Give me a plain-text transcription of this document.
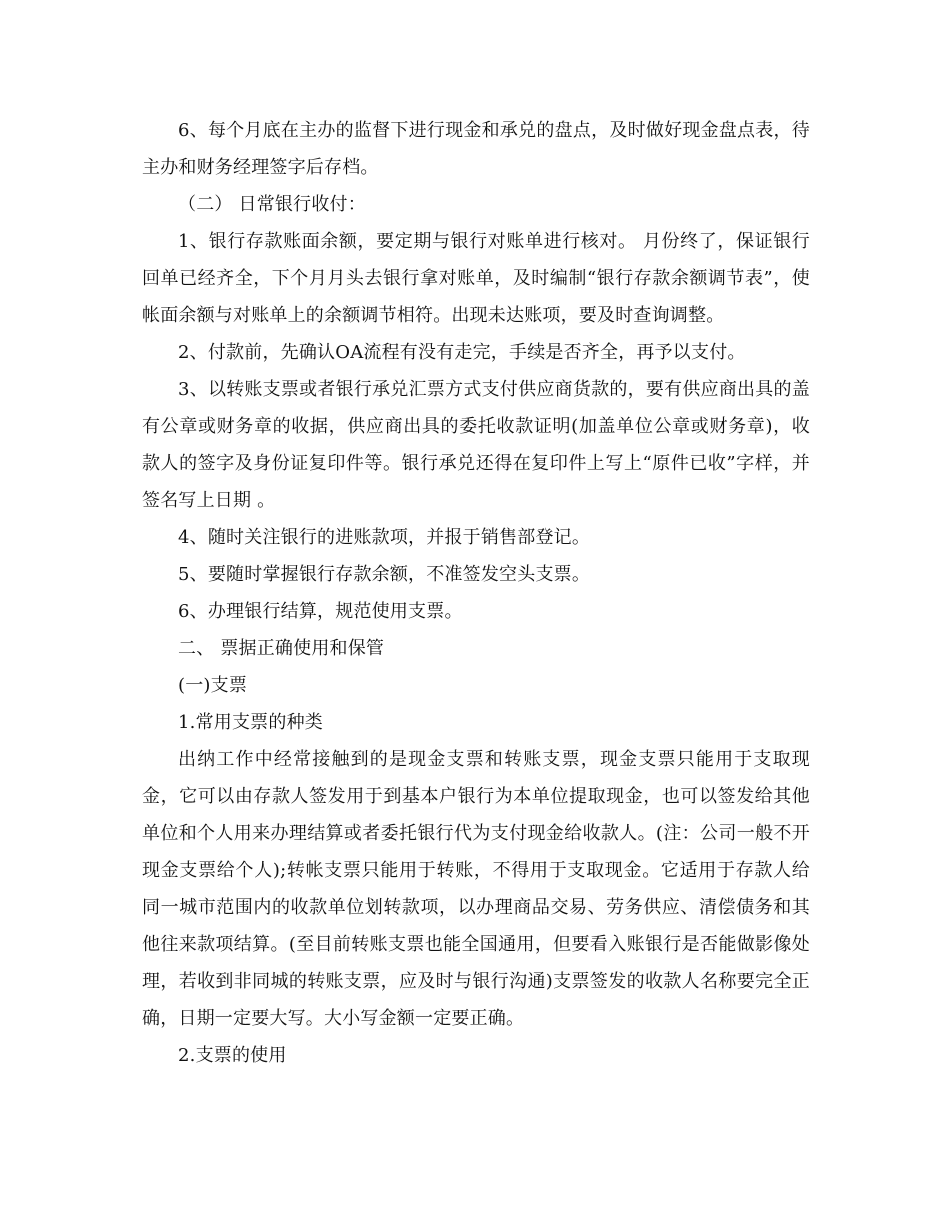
6、每个月底在主办的监督下进行现金和承兑的盘点，及时做好现金盘点表，待主办和财务经理签字后存档。

（二） 日常银行收付：

1、银行存款账面余额，要定期与银行对账单进行核对。 月份终了，保证银行回单已经齐全，下个月月头去银行拿对账单，及时编制“银行存款余额调节表”，使帐面余额与对账单上的余额调节相符。出现未达账项，要及时查询调整。

2、付款前，先确认OA流程有没有走完，手续是否齐全，再予以支付。

3、以转账支票或者银行承兑汇票方式支付供应商货款的，要有供应商出具的盖有公章或财务章的收据，供应商出具的委托收款证明(加盖单位公章或财务章)，收款人的签字及身份证复印件等。银行承兑还得在复印件上写上“原件已收”字样，并签名写上日期 。

4、随时关注银行的进账款项，并报于销售部登记。

5、要随时掌握银行存款余额，不准签发空头支票。

6、办理银行结算，规范使用支票。

二、 票据正确使用和保管

(一)支票

1.常用支票的种类

出纳工作中经常接触到的是现金支票和转账支票，现金支票只能用于支取现金，它可以由存款人签发用于到基本户银行为本单位提取现金，也可以签发给其他单位和个人用来办理结算或者委托银行代为支付现金给收款人。(注：公司一般不开现金支票给个人);转帐支票只能用于转账，不得用于支取现金。它适用于存款人给同一城市范围内的收款单位划转款项，以办理商品交易、劳务供应、清偿债务和其他往来款项结算。(至目前转账支票也能全国通用，但要看入账银行是否能做影像处理，若收到非同城的转账支票，应及时与银行沟通)支票签发的收款人名称要完全正确，日期一定要大写。大小写金额一定要正确。

2.支票的使用
